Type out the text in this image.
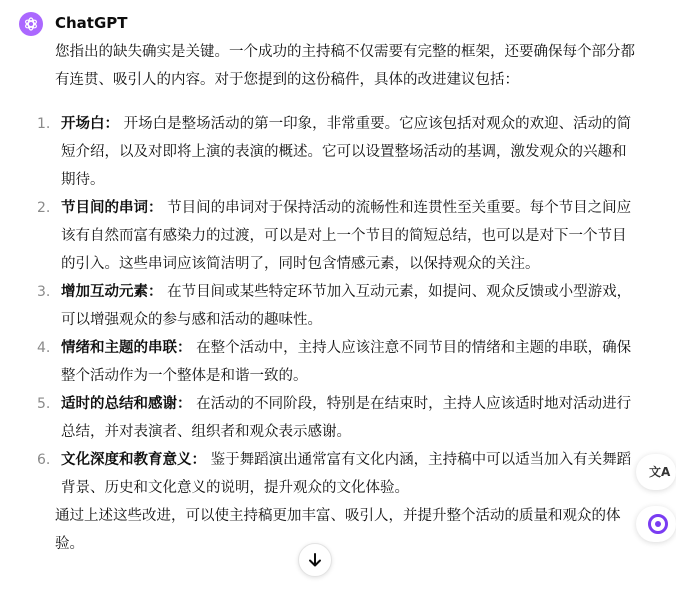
ChatGPT

您指出的缺失确实是关键。一个成功的主持稿不仅需要有完整的框架，还要确保每个部分都有连贯、吸引人的内容。对于您提到的这份稿件，具体的改进建议包括：

1. 开场白： 开场白是整场活动的第一印象，非常重要。它应该包括对观众的欢迎、活动的简短介绍，以及对即将上演的表演的概述。它可以设置整场活动的基调，激发观众的兴趣和期待。
2. 节目间的串词： 节目间的串词对于保持活动的流畅性和连贯性至关重要。每个节目之间应该有自然而富有感染力的过渡，可以是对上一个节目的简短总结，也可以是对下一个节目的引入。这些串词应该简洁明了，同时包含情感元素，以保持观众的关注。
3. 增加互动元素： 在节目间或某些特定环节加入互动元素，如提问、观众反馈或小型游戏，可以增强观众的参与感和活动的趣味性。
4. 情绪和主题的串联： 在整个活动中，主持人应该注意不同节目的情绪和主题的串联，确保整个活动作为一个整体是和谐一致的。
5. 适时的总结和感谢： 在活动的不同阶段，特别是在结束时，主持人应该适时地对活动进行总结，并对表演者、组织者和观众表示感谢。
6. 文化深度和教育意义： 鉴于舞蹈演出通常富有文化内涵，主持稿中可以适当加入有关舞蹈背景、历史和文化意义的说明，提升观众的文化体验。

通过上述这些改进，可以使主持稿更加丰富、吸引人，并提升整个活动的质量和观众的体验。

文A
